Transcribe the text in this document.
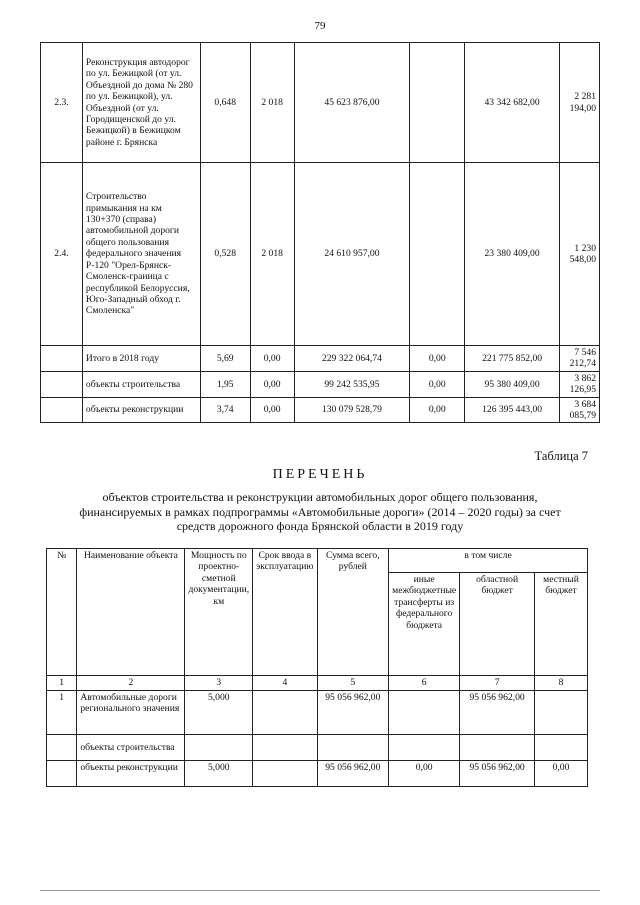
79
2.3.	Реконструкция автодорог по ул. Бежицкой (от ул. Объездной до дома № 280 по ул. Бежицкой), ул. Объездной (от ул. Городищенской до ул. Бежицкой) в Бежицком районе г. Брянска	0,648	2 018	45 623 876,00		43 342 682,00	2 281 194,00
2.4.	Строительство примыкания на км 130+370 (справа) автомобильной дороги общего пользования федерального значения Р-120 "Орел-Брянск-Смоленск-граница с республикой Белоруссия, Юго-Западный обход г. Смоленска"	0,528	2 018	24 610 957,00		23 380 409,00	1 230 548,00
	Итого в 2018 году	5,69	0,00	229 322 064,74	0,00	221 775 852,00	7 546 212,74
	объекты строительства	1,95	0,00	99 242 535,95	0,00	95 380 409,00	3 862 126,95
	объекты реконструкции	3,74	0,00	130 079 528,79	0,00	126 395 443,00	3 684 085,79
Таблица 7
ПЕРЕЧЕНЬ
объектов строительства и реконструкции автомобильных дорог общего пользования, финансируемых в рамках подпрограммы «Автомобильные дороги» (2014 – 2020 годы) за счет средств дорожного фонда Брянской области в 2019 году
№	Наименование объекта	Мощность по проектно-сметной документации, км	Срок ввода в эксплуатацию	Сумма всего, рублей	в том числе		
					иные межбюджетные трансферты из федерального бюджета	областной бюджет	местный бюджет
1	2	3	4	5	6	7	8
1	Автомобильные дороги регионального значения	5,000		95 056 962,00		95 056 962,00	
	объекты строительства						
	объекты реконструкции	5,000		95 056 962,00	0,00	95 056 962,00	0,00
